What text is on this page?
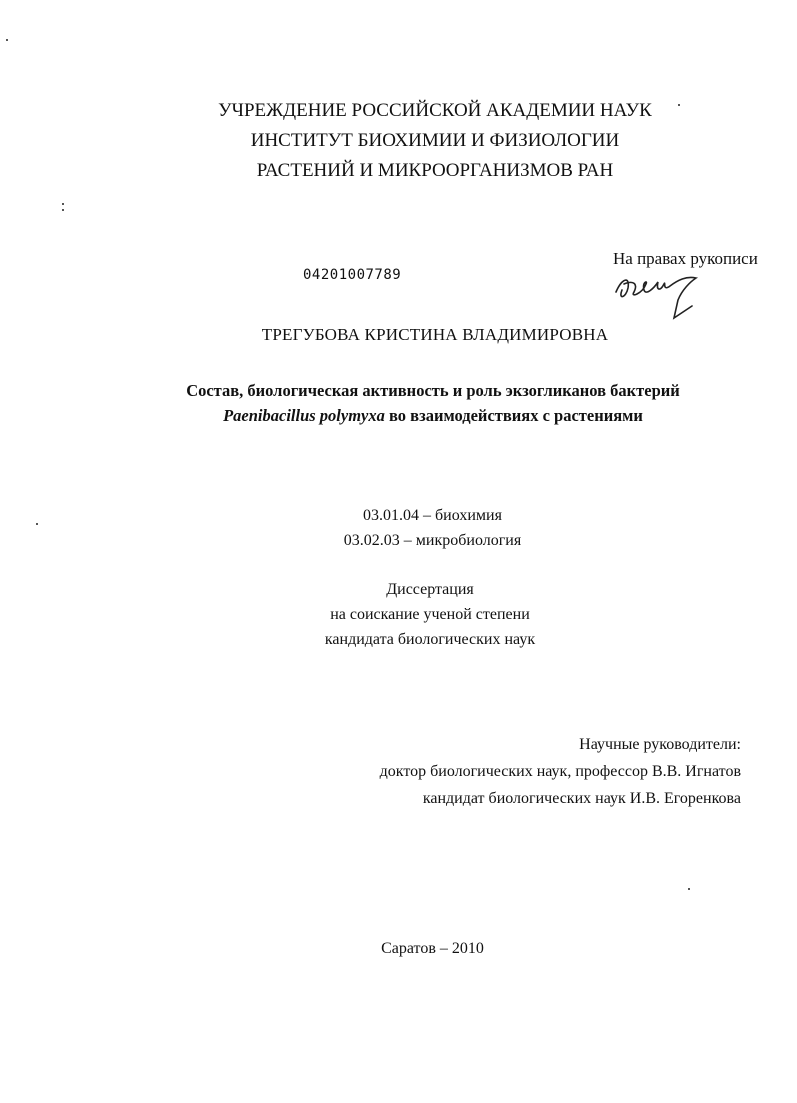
УЧРЕЖДЕНИЕ РОССИЙСКОЙ АКАДЕМИИ НАУК
ИНСТИТУТ БИОХИМИИ И ФИЗИОЛОГИИ
РАСТЕНИЙ И МИКРООРГАНИЗМОВ РАН
04201007789
На правах рукописи
ТРЕГУБОВА КРИСТИНА ВЛАДИМИРОВНА
Состав, биологическая активность и роль экзогликанов бактерий
Paenibacillus polymyxa во взаимодействиях с растениями
03.01.04 – биохимия
03.02.03 – микробиология
Диссертация
на соискание ученой степени
кандидата биологических наук
Научные руководители:
доктор биологических наук, профессор В.В. Игнатов
кандидат биологических наук И.В. Егоренкова
Саратов – 2010
